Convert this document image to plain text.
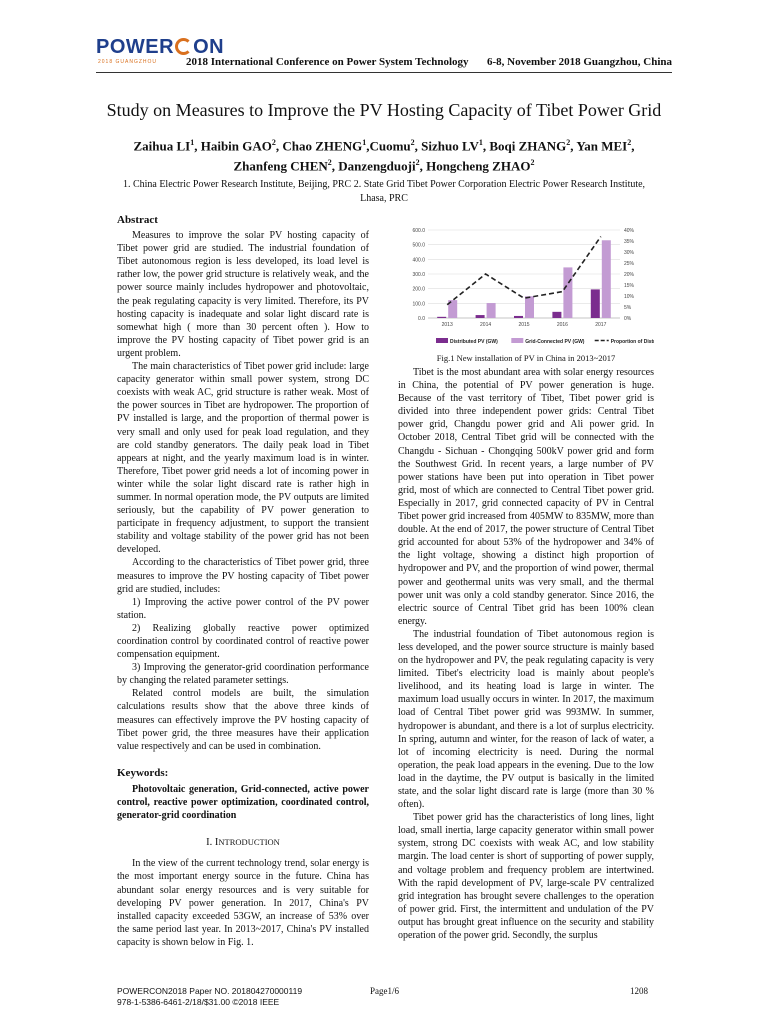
POWER ON
2018 GUANGZHOU	2018 International Conference on Power System Technology 6-8, November 2018 Guangzhou, China
Study on Measures to Improve the PV Hosting Capacity of Tibet Power Grid
Zaihua $LI^1$, Haibin GAO$^2$, Chao ZHENG$^1$,Cuomu$^2$, Sizhuo $LV^1$, Boqi ZHANG$^2$, Yan MEI$^2$, Zhanfeng CHEN$^2$, Danzengduoji$^2$, Hongcheng ZHAO$^2$
1. China Electric Power Research Institute, Beijing, PRC 2. State Grid Tibet Power Corporation Electric Power Research Institute, Lhasa, PRC
Abstract

Measures to improve the solar PV hosting capacity of Tibet power grid are studied. The industrial foundation of Tibet autonomous region is less developed, its load level is rather low, the power grid structure is relatively weak, and the power source mainly includes hydropower and photovoltaic, the peak regulating capacity is very limited. Therefore, its PV hosting capacity is inadequate and solar light discard rate is somewhat high ( more than 30 percent often ). How to improve the PV hosting capacity of Tibet power grid is an urgent problem.

The main characteristics of Tibet power grid include: large capacity generator within small power system, strong DC coexists with weak AC, grid structure is rather weak. Most of the power sources in Tibet are hydropower. The proportion of PV installed is large, and the proportion of thermal power is very small and only used for peak load regulation, and they are cold standby generators. The daily peak load in Tibet appears at night, and the yearly maximum load is in winter. Therefore, Tibet power grid needs a lot of incoming power in winter while the solar light discard rate is rather high in summer. In normal operation mode, the PV outputs are limited seriously, but the capability of PV power generation to participate in frequency adjustment, to support the transient stability and voltage stability of the power grid has not been developed.

According to the characteristics of Tibet power grid, three measures to improve the PV hosting capacity of Tibet power grid are studied, includes:

1) Improving the active power control of the PV power station.

2) Realizing globally reactive power optimized coordination control by coordinated control of reactive power compensation equipment.

3) Improving the generator-grid coordination performance by changing the related parameter settings.

Related control models are built, the simulation calculations results show that the above three kinds of measures can effectively improve the PV hosting capacity of Tibet power grid, the three measures have their application value respectively and can be used in combination.

Keywords:

Photovoltaic generation, Grid-connected, active power control, reactive power optimization, coordinated control, generator-grid coordination

I. INTRODUCTION

In the view of the current technology trend, solar energy is the most important energy source in the future. China has abundant solar energy resources and is very suitable for developing PV power generation. In 2017, China's PV installed capacity exceeded 53GW, an increase of 53% over the same period last year. In 2013~2017, China's PV installed capacity is shown below in Fig. 1.

0.0
100.0
200.0
300.0
400.0
500.0
600.0
0%
5%
10%
15%
20%
25%
30%
35%
40%
2013	2014	2015	2016	2017
Distributed PV (GW)	Grid-Connected PV (GW)	Proportion of Distr.
Fig.1 New installation of PV in China in 2013~2017

Tibet is the most abundant area with solar energy resources in China, the potential of PV power generation is huge. Because of the vast territory of Tibet, Tibet power grid is divided into three independent power grids: Central Tibet power grid, Changdu power grid and Ali power grid. In October 2018, Central Tibet grid will be connected with the Changdu - Sichuan - Chongqing 500kV power grid and form the Southwest Grid. In recent years, a large number of PV power stations have been put into operation in Tibet power grid, most of which are connected to Central Tibet power grid. Especially in 2017, grid connected capacity of PV in Central Tibet power grid increased from 405MW to 835MW, more than double. At the end of 2017, the power structure of Central Tibet grid accounted for about 53% of the hydropower and 34% of the light voltage, showing a distinct high proportion of hydropower and PV, and the proportion of wind power, thermal power and geothermal units was very small, and the thermal power unit was only a cold standby generator. Since 2016, the electric source of Central Tibet grid has been 100% clean energy.

The industrial foundation of Tibet autonomous region is less developed, and the power source structure is mainly based on the hydropower and PV, the peak regulating capacity is very limited. Tibet's electricity load is mainly about people's livelihood, and its heating load is large in winter. The maximum load usually occurs in winter. In 2017, the maximum load of Central Tibet power grid was 993MW. In summer, hydropower is abundant, and there is a lot of surplus electricity. In spring, autumn and winter, for the reason of lack of water, a lot of incoming electricity is need. During the normal operation, the peak load appears in the evening. Due to the low load in the daytime, the PV output is basically in the limited state, and the solar light discard rate is large (more than 30 % often).

Tibet power grid has the characteristics of long lines, light load, small inertia, large capacity generator within small power system, strong DC coexists with weak AC, and low stability margin. The load center is short of supporting of power supply, and voltage problem and frequency problem are intertwined. With the rapid development of PV, large-scale PV centralized grid integration has brought severe challenges to the operation of power grid. First, the intermittent and undulation of the PV output has brought great influence on the security and stability operation of the power grid. Secondly, the surplus

POWERCON2018 Paper NO. 201804270000119
978-1-5386-6461-2/18/$31.00 ©2018 IEEE
Page1/6	1208
